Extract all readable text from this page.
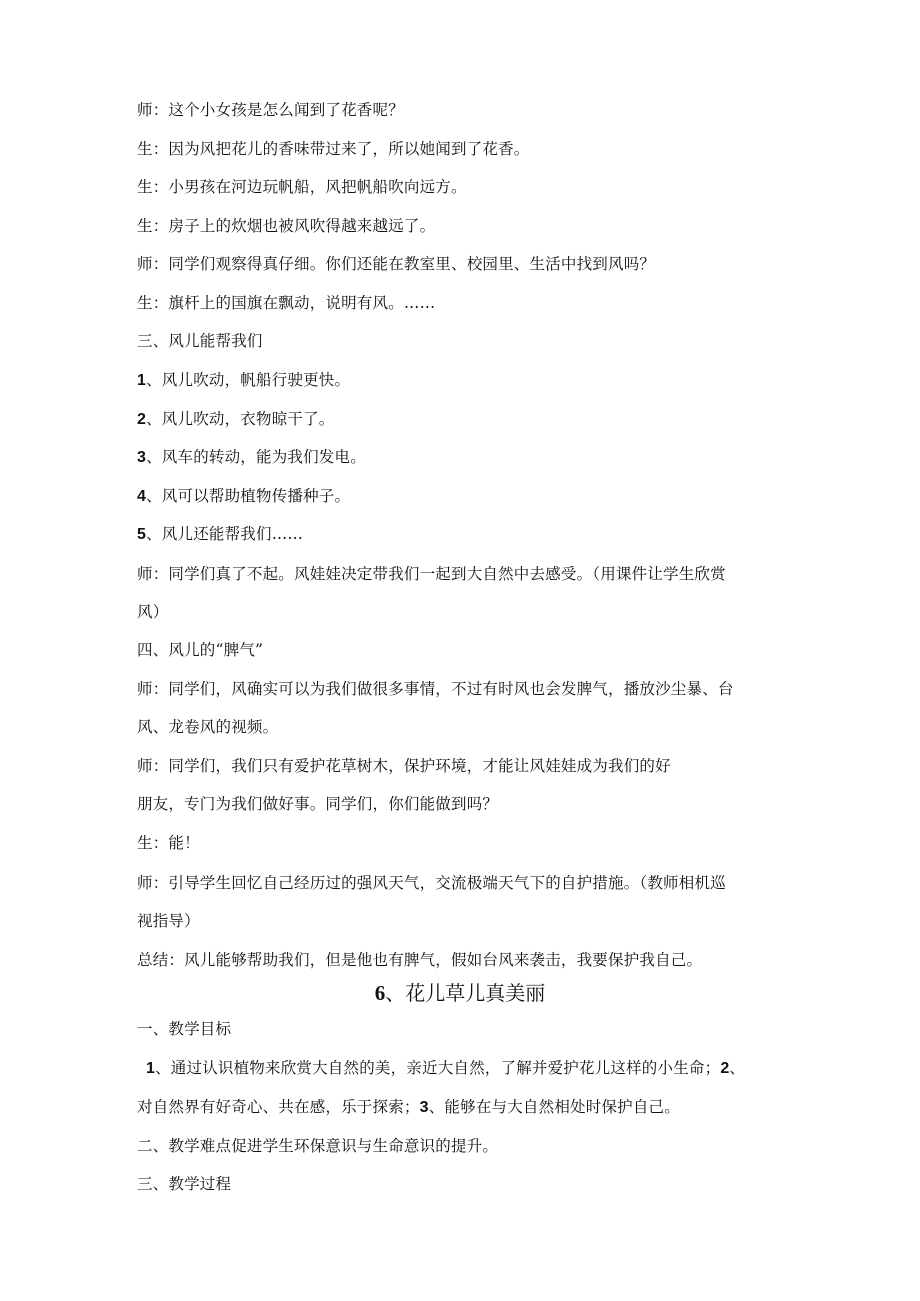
师：这个小女孩是怎么闻到了花香呢？
生：因为风把花儿的香味带过来了，所以她闻到了花香。
生：小男孩在河边玩帆船，风把帆船吹向远方。
生：房子上的炊烟也被风吹得越来越远了。
师：同学们观察得真仔细。你们还能在教室里、校园里、生活中找到风吗？
生：旗杆上的国旗在飘动，说明有风。……
三、风儿能帮我们
1、风儿吹动，帆船行驶更快。
2、风儿吹动，衣物晾干了。
3、风车的转动，能为我们发电。
4、风可以帮助植物传播种子。
5、风儿还能帮我们……
师：同学们真了不起。风娃娃决定带我们一起到大自然中去感受。（用课件让学生欣赏
风）
四、风儿的“脾气”
师：同学们，风确实可以为我们做很多事情，不过有时风也会发脾气，播放沙尘暴、台
风、龙卷风的视频。
师：同学们，我们只有爱护花草树木，保护环境，才能让风娃娃成为我们的好
朋友，专门为我们做好事。同学们，你们能做到吗？
生：能！
师：引导学生回忆自己经历过的强风天气，交流极端天气下的自护措施。（教师相机巡
视指导）
总结：风儿能够帮助我们，但是他也有脾气，假如台风来袭击，我要保护我自己。
6、花儿草儿真美丽
一、教学目标
1、通过认识植物来欣赏大自然的美，亲近大自然，了解并爱护花儿这样的小生命；2、
对自然界有好奇心、共在感，乐于探索；3、能够在与大自然相处时保护自己。
二、教学难点促进学生环保意识与生命意识的提升。
三、教学过程
